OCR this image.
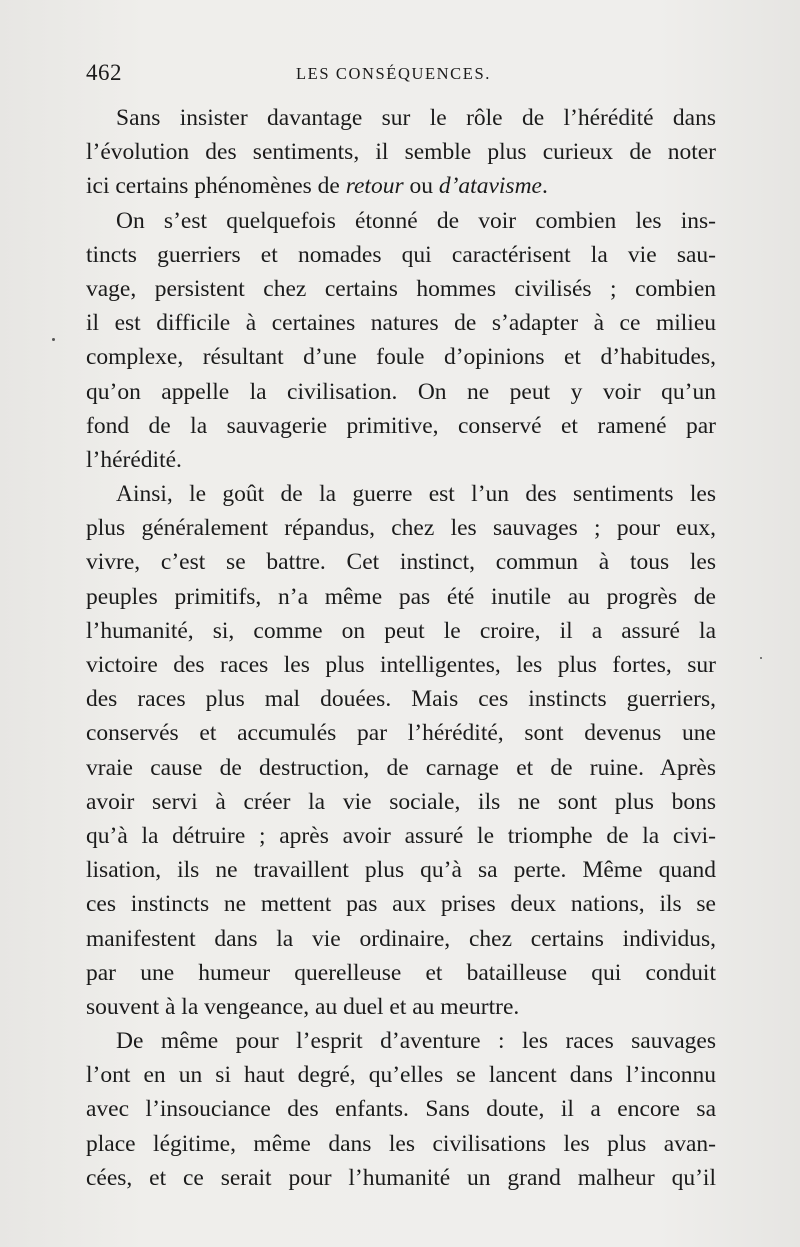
462	LES CONSÉQUENCES.
Sans insister davantage sur le rôle de l’hérédité dans
l’évolution des sentiments, il semble plus curieux de noter
ici certains phénomènes de retour ou d’atavisme.
On s’est quelquefois étonné de voir combien les ins-
tincts guerriers et nomades qui caractérisent la vie sau-
vage, persistent chez certains hommes civilisés ; combien
il est difficile à certaines natures de s’adapter à ce milieu
complexe, résultant d’une foule d’opinions et d’habitudes,
qu’on appelle la civilisation. On ne peut y voir qu’un
fond de la sauvagerie primitive, conservé et ramené par
l’hérédité.
Ainsi, le goût de la guerre est l’un des sentiments les
plus généralement répandus, chez les sauvages ; pour eux,
vivre, c’est se battre. Cet instinct, commun à tous les
peuples primitifs, n’a même pas été inutile au progrès de
l’humanité, si, comme on peut le croire, il a assuré la
victoire des races les plus intelligentes, les plus fortes, sur
des races plus mal douées. Mais ces instincts guerriers,
conservés et accumulés par l’hérédité, sont devenus une
vraie cause de destruction, de carnage et de ruine. Après
avoir servi à créer la vie sociale, ils ne sont plus bons
qu’à la détruire ; après avoir assuré le triomphe de la civi-
lisation, ils ne travaillent plus qu’à sa perte. Même quand
ces instincts ne mettent pas aux prises deux nations, ils se
manifestent dans la vie ordinaire, chez certains individus,
par une humeur querelleuse et batailleuse qui conduit
souvent à la vengeance, au duel et au meurtre.
De même pour l’esprit d’aventure : les races sauvages
l’ont en un si haut degré, qu’elles se lancent dans l’inconnu
avec l’insouciance des enfants. Sans doute, il a encore sa
place légitime, même dans les civilisations les plus avan-
cées, et ce serait pour l’humanité un grand malheur qu’il
